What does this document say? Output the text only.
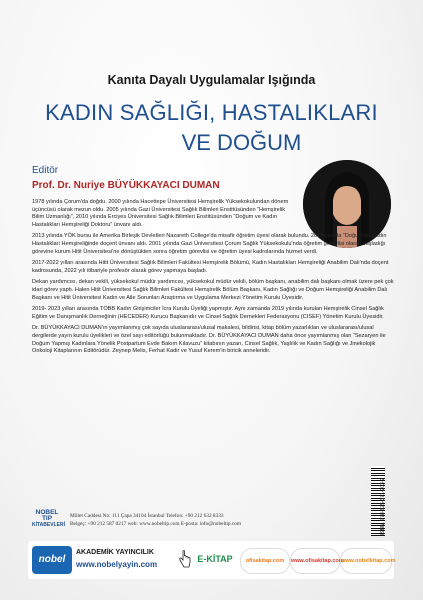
Kanıta Dayalı Uygulamalar Işığında
KADIN SAĞLIĞI, HASTALIKLARI
VE DOĞUM
Editör
Prof. Dr. Nuriye BÜYÜKKAYACI DUMAN

1978 yılında Çorum'da doğdu. 2000 yılında Hacettepe Üniversitesi Hemşirelik Yüksekokulundan dönem üçüncüsü olarak mezun oldu. 2005 yılında Gazi Üniversitesi Sağlık Bilimleri Enstitüsünden “Hemşirelik Bilim Uzmanlığı”, 2010 yılında Erciyes Üniversitesi Sağlık Bilimleri Enstitüsünden “Doğum ve Kadın Hastalıkları Hemşireliği Doktoru” ünvanı aldı.

2013 yılında YÖK bursu ile Amerika Birleşik Devletleri Nazareth College'da misafir öğretim üyesi olarak bulundu. 2017 yılında “Doğum ve Kadın Hastalıkları Hemşireliğinde doçent ünvanı aldı. 2001 yılında Gazi Üniversitesi Çorum Sağlık Yüksekokulu'nda öğretim görevlisi olarak başladığı görevine kurum Hitit Üniversitesi'ne dönüştükten sonra öğretim görevlisi ve öğretim üyesi kadrolarında hizmet verdi.

2017-2022 yılları arasında Hitit Üniversitesi Sağlık Bilimleri Fakültesi Hemşirelik Bölümü, Kadın Hastalıkları Hemşireliği Anabilim Dalı'nda doçent kadrosunda, 2022 yılı itibariyle profesör olarak görev yapmaya başladı.

Dekan yardımcısı, dekan vekili, yüksekokul müdür yardımcısı, yüksekokul müdür vekili, bölüm başkanı, anabilim dalı başkanı olmak üzere pek çok idari görev yaptı. Halen Hitit Üniversitesi Sağlık Bilimleri Fakültesi Hemşirelik Bölüm Başkanı, Kadın Sağlığı ve Doğum Hemşireliği Anabilim Dalı Başkanı ve Hitit Üniversitesi Kadın ve Aile Sorunları Araştırma ve Uygulama Merkezi Yönetim Kurulu Üyesidir.

2019- 2023 yılları arasında TOBB Kadın Girişimciler İcra Kurulu Üyeliği yapmıştır. Aynı zamanda 2019 yılında kurulan Hemşirelik Cinsel Sağlık Eğitim ve Danışmanlık Derneğinin (HECEDER) Kurucu Başkanıdır ve Cinsel Sağlık Dernekleri Federasyonu (CISEF) Yönetim Kurulu Üyesidir.

Dr. BÜYÜKKAYACI DUMAN'ın yayımlanmış çok sayıda uluslararası/ulusal makalesi, bildirisi, kitap bölüm yazarlıkları ve uluslararası/ulusal dergilerde yayın kurulu üyelikleri ve özel sayı editörlüğü bulunmaktadır. Dr. BÜYÜKKAYACI DUMAN daha önce yayımlanmış olan “Sezaryen ile Doğum Yapmış Kadınlara Yönelik Postpartum Evde Bakım Kılavuzu” kitabının yazarı, Cinsel Sağlık, Yaşlılık ve Kadın Sağlığı ve Jinekolojik Onkoloji Kitaplarının Editörüdür. Zeynep Melis, Ferhat Kadir ve Yusuf Kerem'in biricik anneleridir.

NOBEL TIP
KİTABEVLERİ
Millet Caddesi No: 111 Çapa 34104 İstanbul Telefon: +90 212 632 8333
Belgeç: +90 212 587 0217 web: www.nobeltip.com E-posta: info@nobeltip.com	ISBN: 978-625-371-203-2
nobel
AKADEMİK YAYINCILIK
www.nobelyayin.com
E-KİTAP	ofisakitap.com	www.ofisakitap.com
www.nobelkitap.com
